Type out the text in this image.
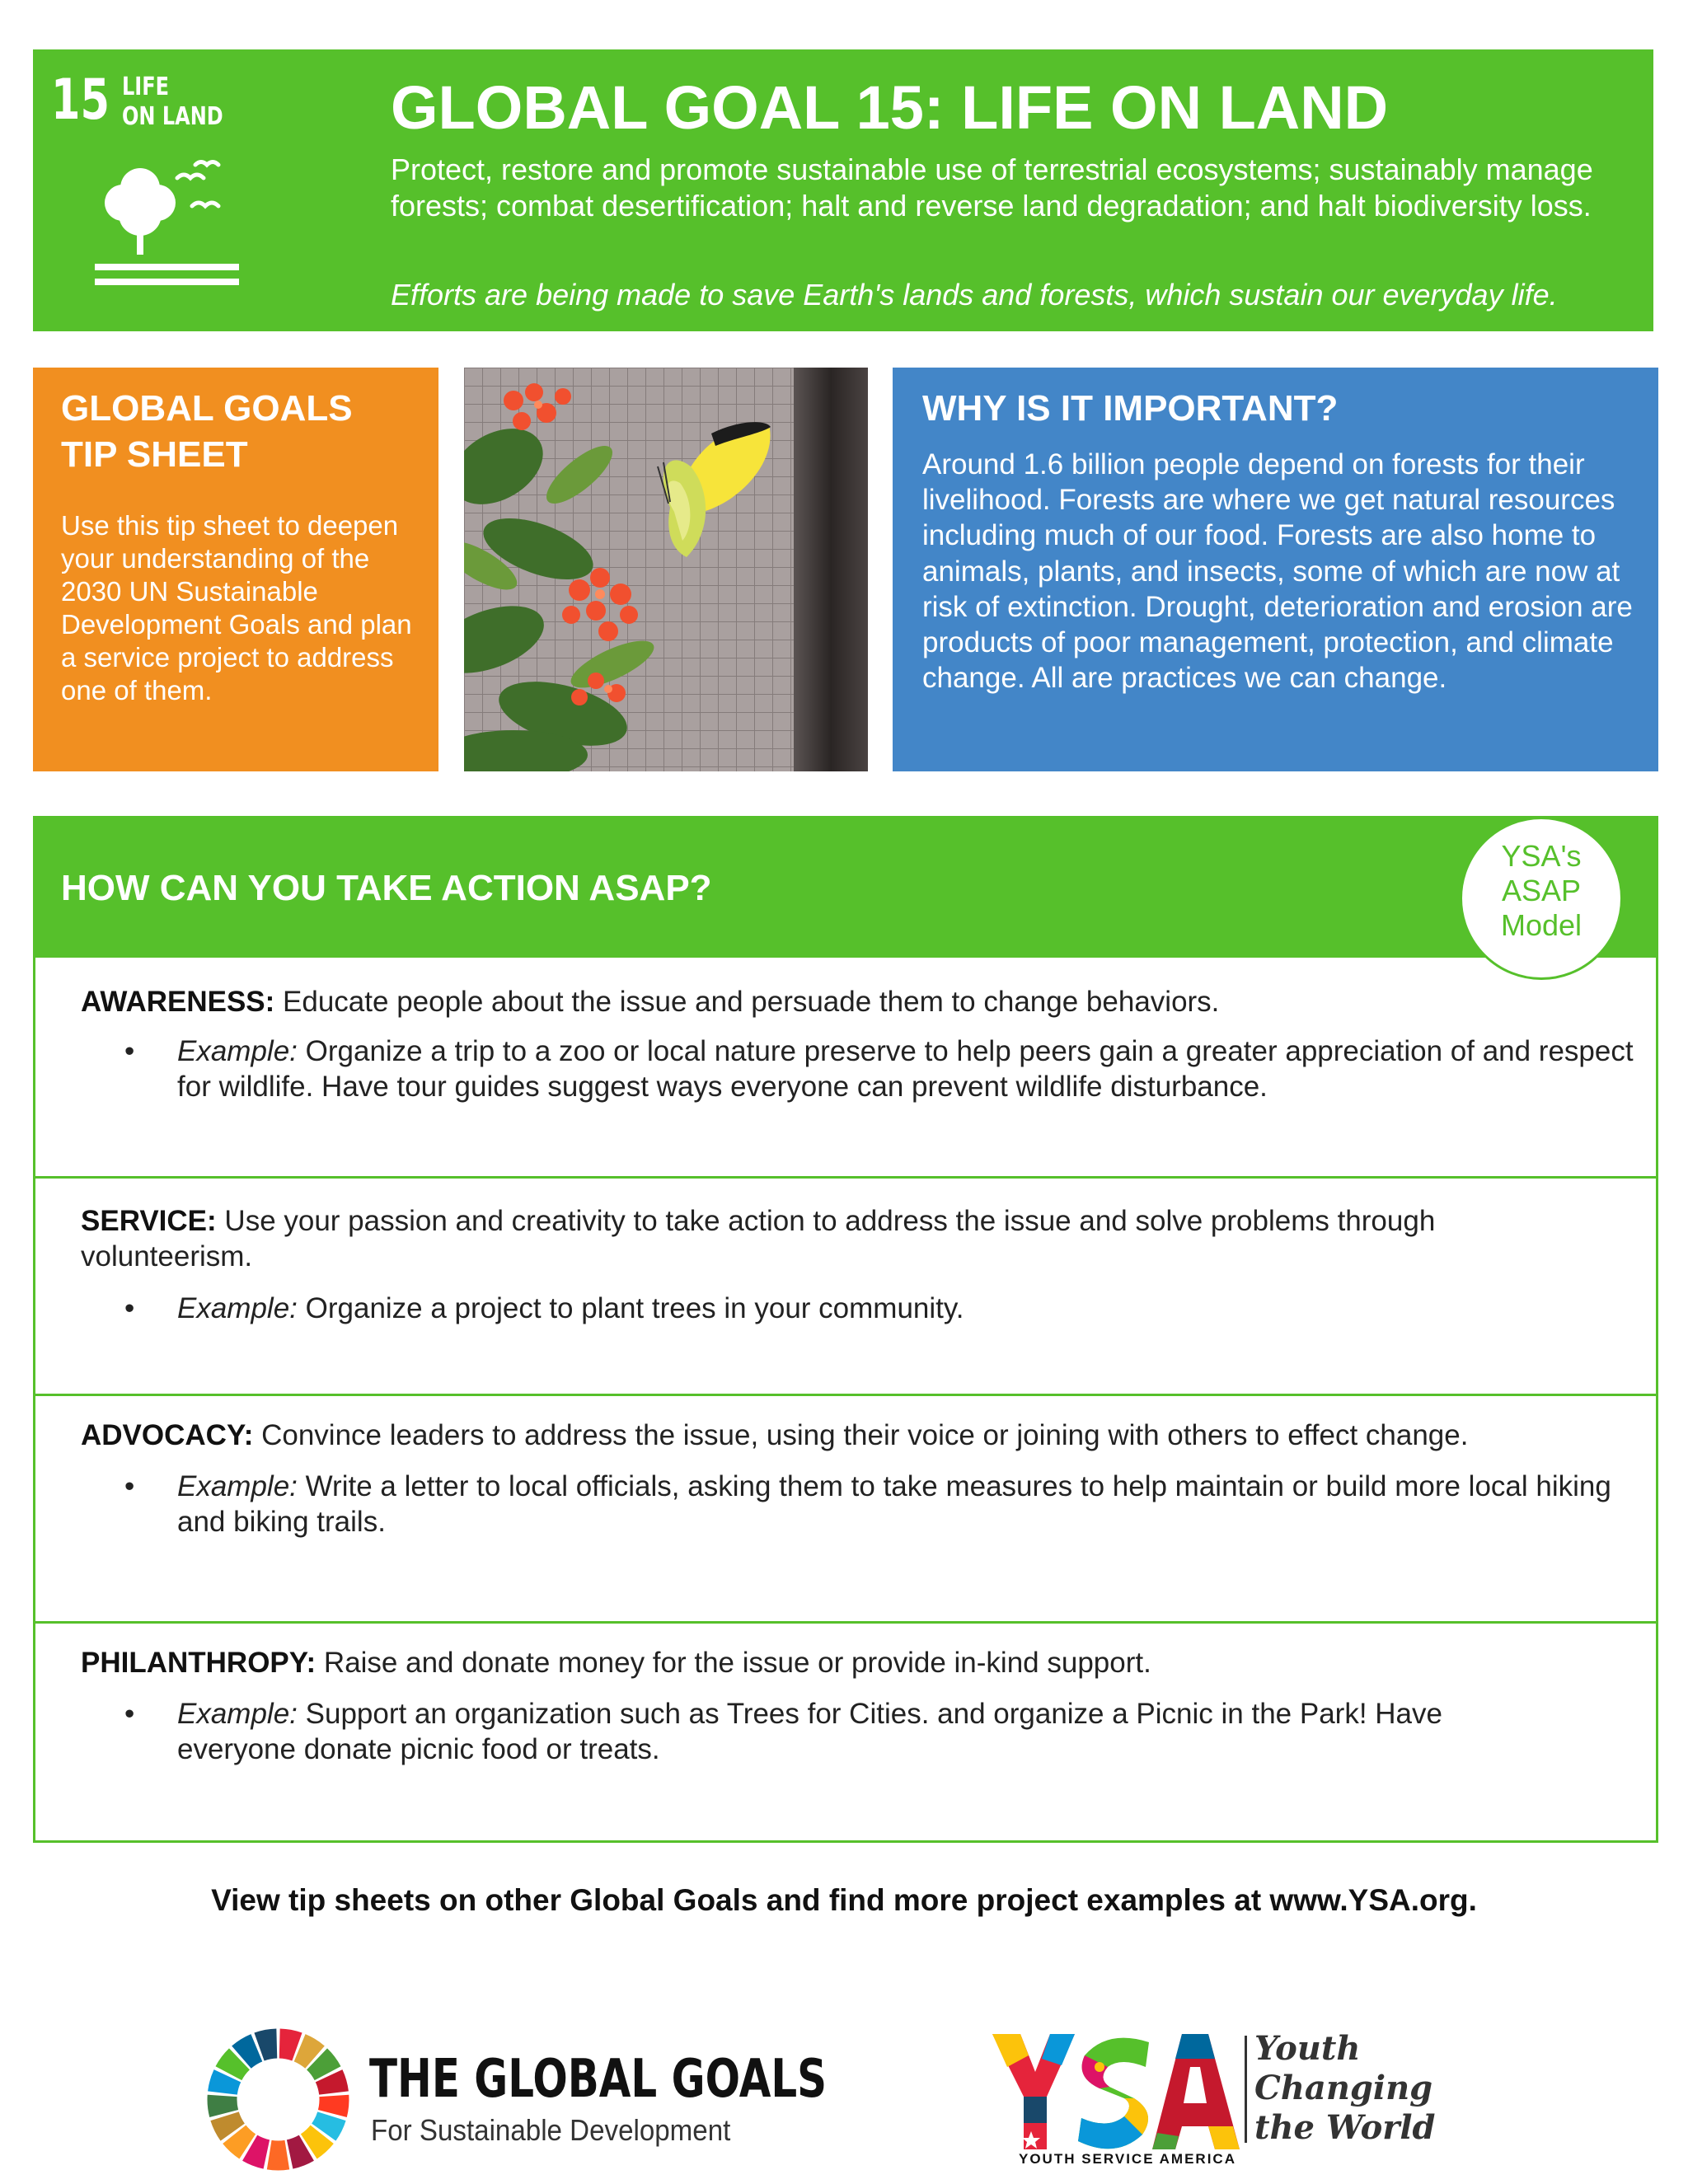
15 LIFE
ON LAND	GLOBAL GOAL 15: LIFE ON LAND
Protect, restore and promote sustainable use of terrestrial ecosystems; sustainably manage forests; combat desertification; halt and reverse land degradation; and halt biodiversity loss.
Efforts are being made to save Earth's lands and forests, which sustain our everyday life.
GLOBAL GOALS
TIP SHEET
Use this tip sheet to deepen your understanding of the 2030 UN Sustainable Development Goals and plan a service project to address one of them.
WHY IS IT IMPORTANT?
Around 1.6 billion people depend on forests for their livelihood. Forests are where we get natural resources including much of our food. Forests are also home to animals, plants, and insects, some of which are now at risk of extinction. Drought, deterioration and erosion are products of poor management, protection, and climate change. All are practices we can change.
HOW CAN YOU TAKE ACTION ASAP?
AWARENESS: Educate people about the issue and persuade them to change behaviors.
• Example: Organize a trip to a zoo or local nature preserve to help peers gain a greater appreciation of and respect for wildlife. Have tour guides suggest ways everyone can prevent wildlife disturbance.
SERVICE: Use your passion and creativity to take action to address the issue and solve problems through volunteerism.
• Example: Organize a project to plant trees in your community.
ADVOCACY: Convince leaders to address the issue, using their voice or joining with others to effect change.
• Example: Write a letter to local officials, asking them to take measures to help maintain or build more local hiking and biking trails.
PHILANTHROPY: Raise and donate money for the issue or provide in-kind support.
• Example: Support an organization such as Trees for Cities. and organize a Picnic in the Park! Have everyone donate picnic food or treats.
YSA's
ASAP
Model
View tip sheets on other Global Goals and find more project examples at www.YSA.org.
THE GLOBAL GOALS
For Sustainable Development
YOUTH SERVICE AMERICA
Youth
Changing
the World
